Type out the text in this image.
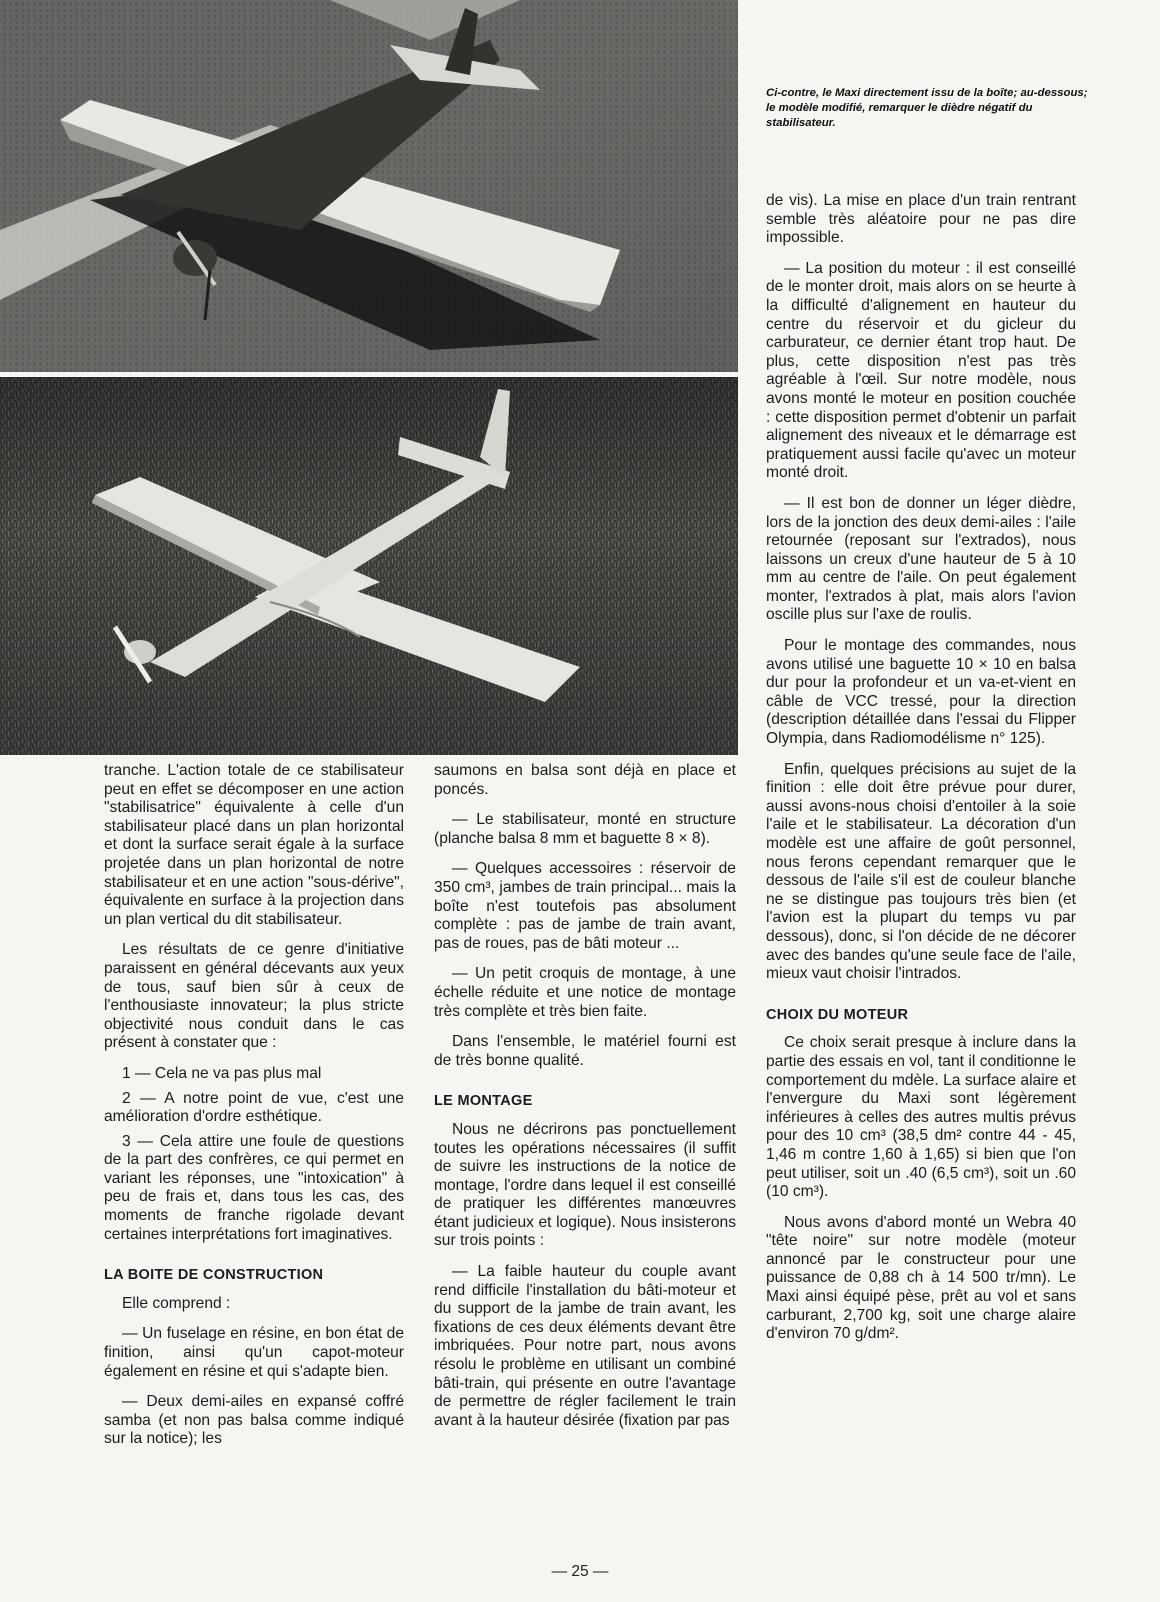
Ci-contre, le Maxi directement issu de la boîte; au-dessous; le modèle modifié, remarquer le dièdre négatif du stabilisateur.

tranche. L'action totale de ce stabilisateur peut en effet se décomposer en une action "stabilisatrice" équivalente à celle d'un stabilisateur placé dans un plan horizontal et dont la surface serait égale à la surface projetée dans un plan horizontal de notre stabilisateur et en une action "sous-dérive", équivalente en surface à la projection dans un plan vertical du dit stabilisateur.

Les résultats de ce genre d'initiative paraissent en général décevants aux yeux de tous, sauf bien sûr à ceux de l'enthousiaste innovateur; la plus stricte objectivité nous conduit dans le cas présent à constater que :

1 — Cela ne va pas plus mal

2 — A notre point de vue, c'est une amélioration d'ordre esthétique.

3 — Cela attire une foule de questions de la part des confrères, ce qui permet en variant les réponses, une "intoxication" à peu de frais et, dans tous les cas, des moments de franche rigolade devant certaines interprétations fort imaginatives.

LA BOITE DE CONSTRUCTION

Elle comprend :

— Un fuselage en résine, en bon état de finition, ainsi qu'un capot-moteur également en résine et qui s'adapte bien.

— Deux demi-ailes en expansé coffré samba (et non pas balsa comme indiqué sur la notice); les

saumons en balsa sont déjà en place et poncés.

— Le stabilisateur, monté en structure (planche balsa 8 mm et baguette 8 × 8).

— Quelques accessoires : réservoir de 350 cm³, jambes de train principal... mais la boîte n'est toutefois pas absolument complète : pas de jambe de train avant, pas de roues, pas de bâti moteur ...

— Un petit croquis de montage, à une échelle réduite et une notice de montage très complète et très bien faite.

Dans l'ensemble, le matériel fourni est de très bonne qualité.

LE MONTAGE

Nous ne décrirons pas ponctuellement toutes les opérations nécessaires (il suffit de suivre les instructions de la notice de montage, l'ordre dans lequel il est conseillé de pratiquer les différentes manœuvres étant judicieux et logique). Nous insisterons sur trois points :

— La faible hauteur du couple avant rend difficile l'installation du bâti-moteur et du support de la jambe de train avant, les fixations de ces deux éléments devant être imbriquées. Pour notre part, nous avons résolu le problème en utilisant un combiné bâti-train, qui présente en outre l'avantage de permettre de régler facilement le train avant à la hauteur désirée (fixation par pas

de vis). La mise en place d'un train rentrant semble très aléatoire pour ne pas dire impossible.

— La position du moteur : il est conseillé de le monter droit, mais alors on se heurte à la difficulté d'alignement en hauteur du centre du réservoir et du gicleur du carburateur, ce dernier étant trop haut. De plus, cette disposition n'est pas très agréable à l'œil. Sur notre modèle, nous avons monté le moteur en position couchée : cette disposition permet d'obtenir un parfait alignement des niveaux et le démarrage est pratiquement aussi facile qu'avec un moteur monté droit.

— Il est bon de donner un léger dièdre, lors de la jonction des deux demi-ailes : l'aile retournée (reposant sur l'extrados), nous laissons un creux d'une hauteur de 5 à 10 mm au centre de l'aile. On peut également monter, l'extrados à plat, mais alors l'avion oscille plus sur l'axe de roulis.

Pour le montage des commandes, nous avons utilisé une baguette 10 × 10 en balsa dur pour la profondeur et un va-et-vient en câble de VCC tressé, pour la direction (description détaillée dans l'essai du Flipper Olympia, dans Radiomodélisme n° 125).

Enfin, quelques précisions au sujet de la finition : elle doit être prévue pour durer, aussi avons-nous choisi d'entoiler à la soie l'aile et le stabilisateur. La décoration d'un modèle est une affaire de goût personnel, nous ferons cependant remarquer que le dessous de l'aile s'il est de couleur blanche ne se distingue pas toujours très bien (et l'avion est la plupart du temps vu par dessous), donc, si l'on décide de ne décorer avec des bandes qu'une seule face de l'aile, mieux vaut choisir l'intrados.

CHOIX DU MOTEUR

Ce choix serait presque à inclure dans la partie des essais en vol, tant il conditionne le comportement du mdèle. La surface alaire et l'envergure du Maxi sont légèrement inférieures à celles des autres multis prévus pour des 10 cm³ (38,5 dm² contre 44 - 45, 1,46 m contre 1,60 à 1,65) si bien que l'on peut utiliser, soit un .40 (6,5 cm³), soit un .60 (10 cm³).

Nous avons d'abord monté un Webra 40 "tête noire" sur notre modèle (moteur annoncé par le constructeur pour une puissance de 0,88 ch à 14 500 tr/mn). Le Maxi ainsi équipé pèse, prêt au vol et sans carburant, 2,700 kg, soit une charge alaire d'environ 70 g/dm².

— 25 —
